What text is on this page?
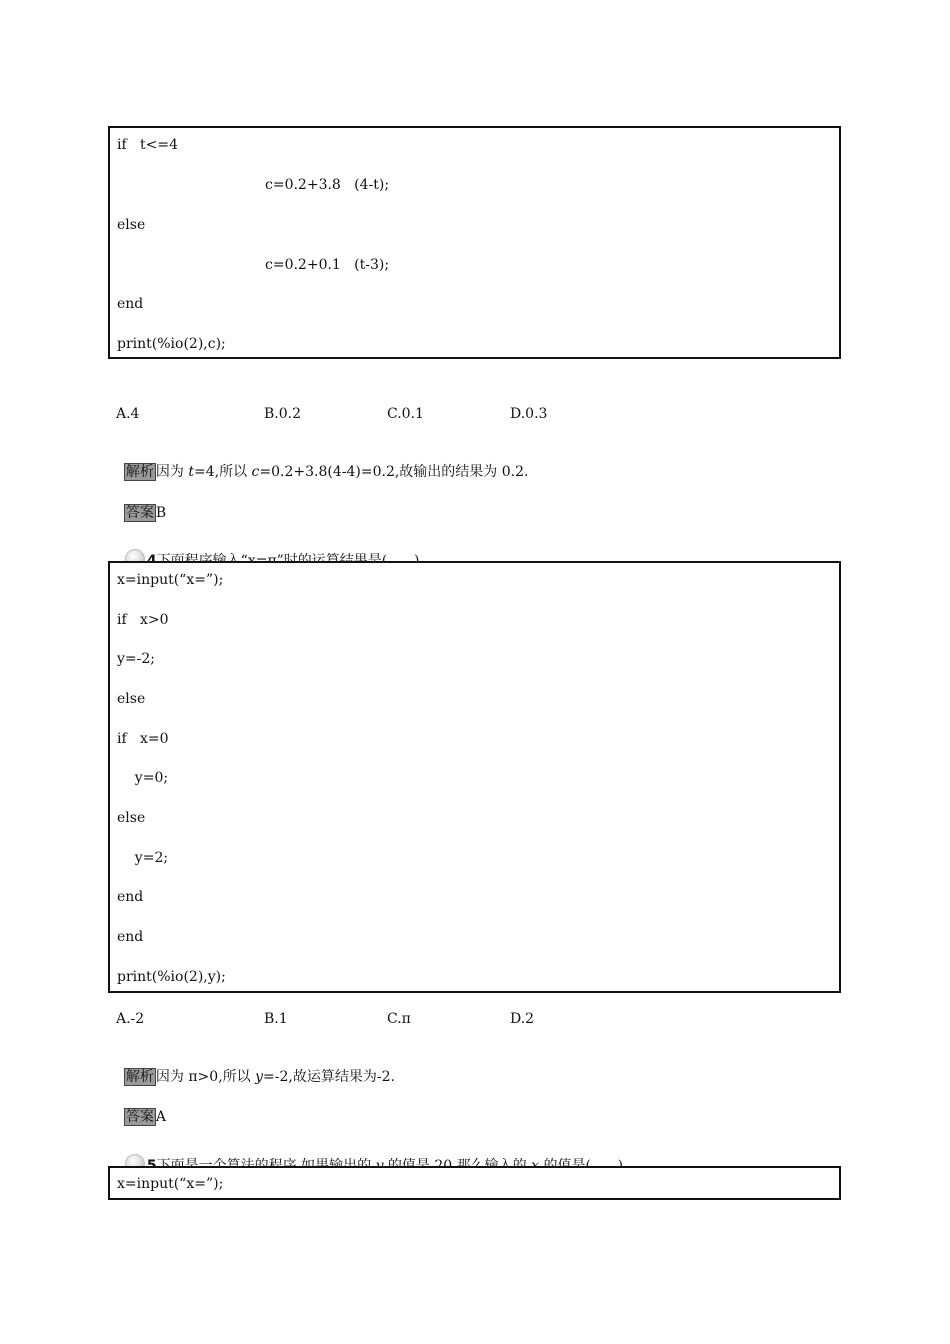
if   t<=4
c=0.2+3.8   (4-t);
else
c=0.2+0.1   (t-3);
end
print(%io(2),c);
A.4	B.0.2	C.0.1	D.0.3

解析 因为 t=4,所以 c=0.2+3.8(4-4)=0.2,故输出的结果为 0.2.

答案 B

x=input(“x=”);
if   x>0
y=-2;
else
if   x=0
y=0;
else
y=2;
end
end
print(%io(2),y);
A.-2	B.1	C.π	D.2

解析 因为 π>0,所以 y=-2,故运算结果为-2.

答案 A

x=input(“x=”);
